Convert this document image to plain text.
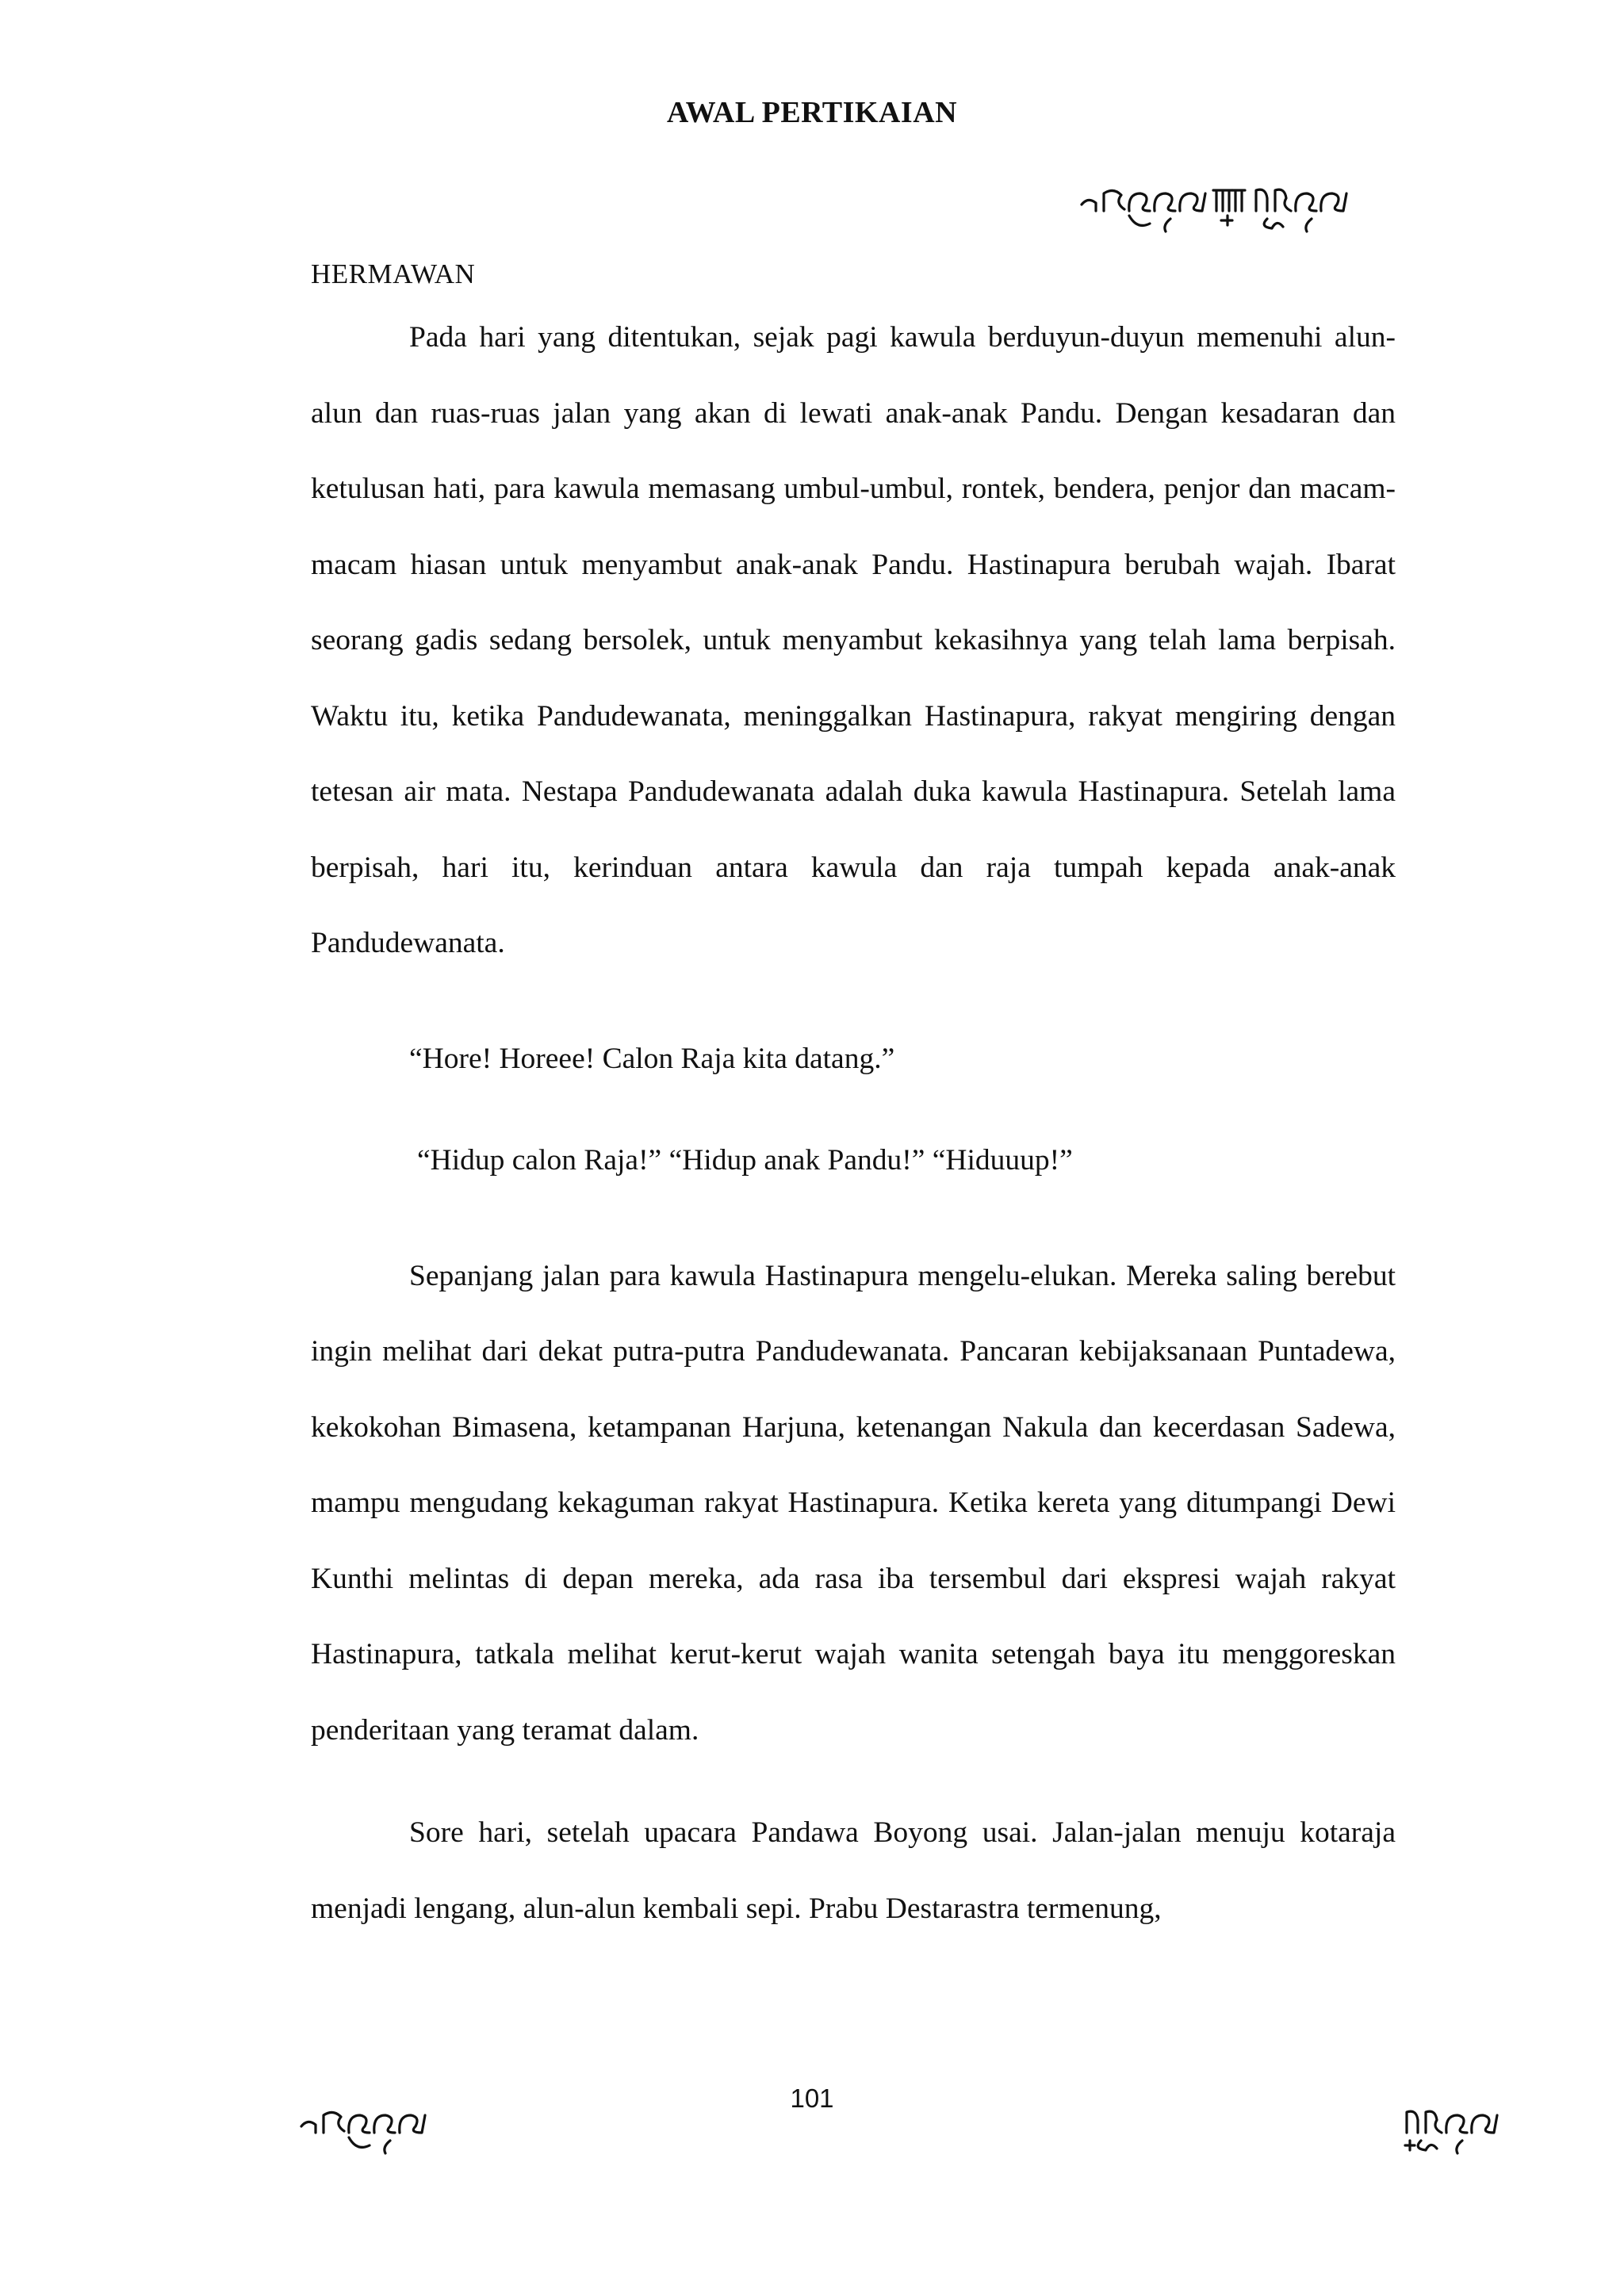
AWAL PERTIKAIAN
HERMAWAN

Pada hari yang ditentukan, sejak pagi kawula berduyun-duyun memenuhi alun-alun dan ruas-ruas jalan yang akan di lewati anak-anak Pandu. Dengan kesadaran dan ketulusan hati, para kawula memasang umbul-umbul, rontek, bendera, penjor dan macam-macam hiasan untuk menyambut anak-anak Pandu. Hastinapura berubah wajah. Ibarat seorang gadis sedang bersolek, untuk menyambut kekasihnya yang telah lama berpisah. Waktu itu, ketika Pandudewanata, meninggalkan Hastinapura, rakyat mengiring dengan tetesan air mata. Nestapa Pandudewanata adalah duka kawula Hastinapura. Setelah lama berpisah, hari itu, kerinduan antara kawula dan raja tumpah kepada anak-anak Pandudewanata.

“Hore! Horeee! Calon Raja kita datang.”

“Hidup calon Raja!” “Hidup anak Pandu!” “Hiduuup!”

Sepanjang jalan para kawula Hastinapura mengelu-elukan. Mereka saling berebut ingin melihat dari dekat putra-putra Pandudewanata. Pancaran kebijaksanaan Puntadewa, kekokohan Bimasena, ketampanan Harjuna, ketenangan Nakula dan kecerdasan Sadewa, mampu mengudang kekaguman rakyat Hastinapura. Ketika kereta yang ditumpangi Dewi Kunthi melintas di depan mereka, ada rasa iba tersembul dari ekspresi wajah rakyat Hastinapura, tatkala melihat kerut-kerut wajah wanita setengah baya itu menggoreskan penderitaan yang teramat dalam.

Sore hari, setelah upacara Pandawa Boyong usai. Jalan-jalan menuju kotaraja menjadi lengang, alun-alun kembali sepi. Prabu Destarastra termenung,

101
